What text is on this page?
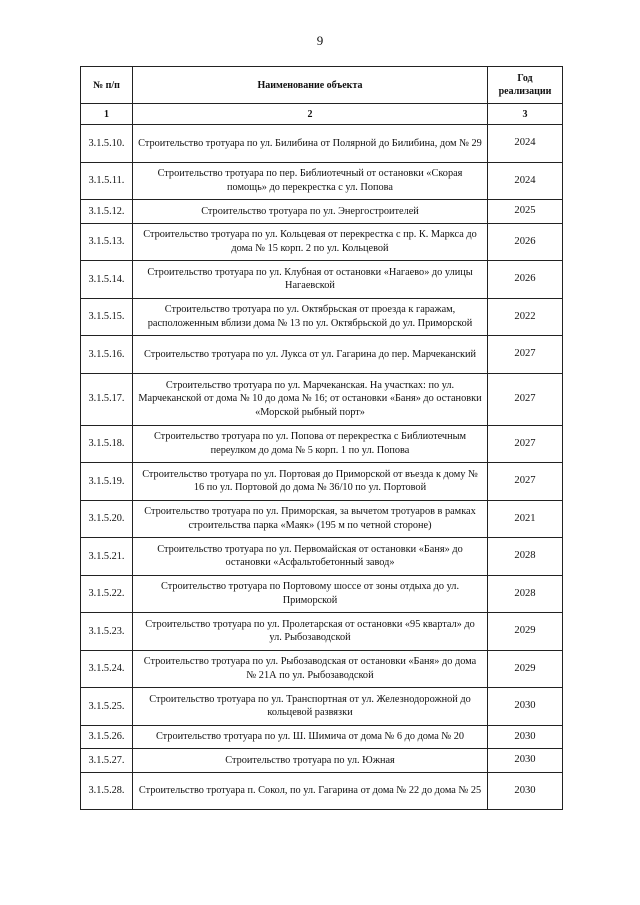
9
№ п/п	Наименование объекта	Год реализации
1	2	3
3.1.5.10.	Строительство тротуара по ул. Билибина от Полярной до Билибина, дом № 29	2024
3.1.5.11.	Строительство тротуара по пер. Библиотечный от остановки «Скорая помощь» до перекрестка с ул. Попова	2024
3.1.5.12.	Строительство тротуара по ул. Энергостроителей	2025
3.1.5.13.	Строительство тротуара по ул. Кольцевая от перекрестка с пр. К. Маркса до дома № 15 корп. 2 по ул. Кольцевой	2026
3.1.5.14.	Строительство тротуара по ул. Клубная от остановки «Нагаево» до улицы Нагаевской	2026
3.1.5.15.	Строительство тротуара по ул. Октябрьская от проезда к гаражам, расположенным вблизи дома № 13 по ул. Октябрьской до ул. Приморской	2022
3.1.5.16.	Строительство тротуара по ул. Лукса от ул. Гагарина до пер. Марчеканский	2027
3.1.5.17.	Строительство тротуара по ул. Марчеканская. На участках: по ул. Марчеканской от дома № 10 до дома № 16; от остановки «Баня» до остановки «Морской рыбный порт»	2027
3.1.5.18.	Строительство тротуара по ул. Попова от перекрестка с Библиотечным переулком до дома № 5 корп. 1 по ул. Попова	2027
3.1.5.19.	Строительство тротуара по ул. Портовая до Приморской от въезда к дому № 16 по ул. Портовой до дома № 36/10 по ул. Портовой	2027
3.1.5.20.	Строительство тротуара по ул. Приморская, за вычетом тротуаров в рамках строительства парка «Маяк» (195 м по четной стороне)	2021
3.1.5.21.	Строительство тротуара по ул. Первомайская от остановки «Баня» до остановки «Асфальтобетонный завод»	2028
3.1.5.22.	Строительство тротуара по Портовому шоссе от зоны отдыха до ул. Приморской	2028
3.1.5.23.	Строительство тротуара по ул. Пролетарская от остановки «95 квартал» до ул. Рыбозаводской	2029
3.1.5.24.	Строительство тротуара по ул. Рыбозаводская от остановки «Баня» до дома № 21А по ул. Рыбозаводской	2029
3.1.5.25.	Строительство тротуара по ул. Транспортная от ул. Железнодорожной до кольцевой развязки	2030
3.1.5.26.	Строительство тротуара по ул. Ш. Шимича от дома № 6 до дома № 20	2030
3.1.5.27.	Строительство тротуара по ул. Южная	2030
3.1.5.28.	Строительство тротуара п. Сокол, по ул. Гагарина от дома № 22 до дома № 25	2030
